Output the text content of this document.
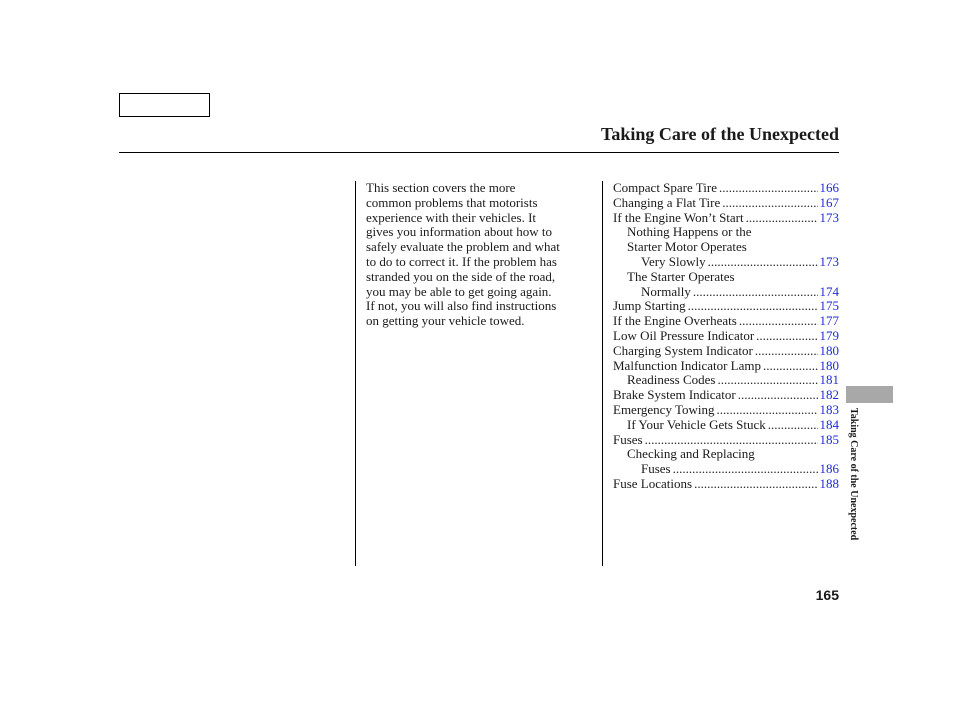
Taking Care of the Unexpected
This section covers the more
common problems that motorists
experience with their vehicles. It
gives you information about how to
safely evaluate the problem and what
to do to correct it. If the problem has
stranded you on the side of the road,
you may be able to get going again.
If not, you will also find instructions
on getting your vehicle towed.
Compact Spare Tire .....	166
Changing a Flat Tire .....	167
If the Engine Won’t Start .....	173
Nothing Happens or the
Starter Motor Operates
Very Slowly .....	173
The Starter Operates
Normally .....	174
Jump Starting .....	175
If the Engine Overheats .....	177
Low Oil Pressure Indicator .....	179
Charging System Indicator .....	180
Malfunction Indicator Lamp .....	180
Readiness Codes .....	181
Brake System Indicator .....	182
Emergency Towing .....	183
If Your Vehicle Gets Stuck .....	184
Fuses .....	185
Checking and Replacing
Fuses .....	186
Fuse Locations .....	188 Taking Care of the Unexpected
165
